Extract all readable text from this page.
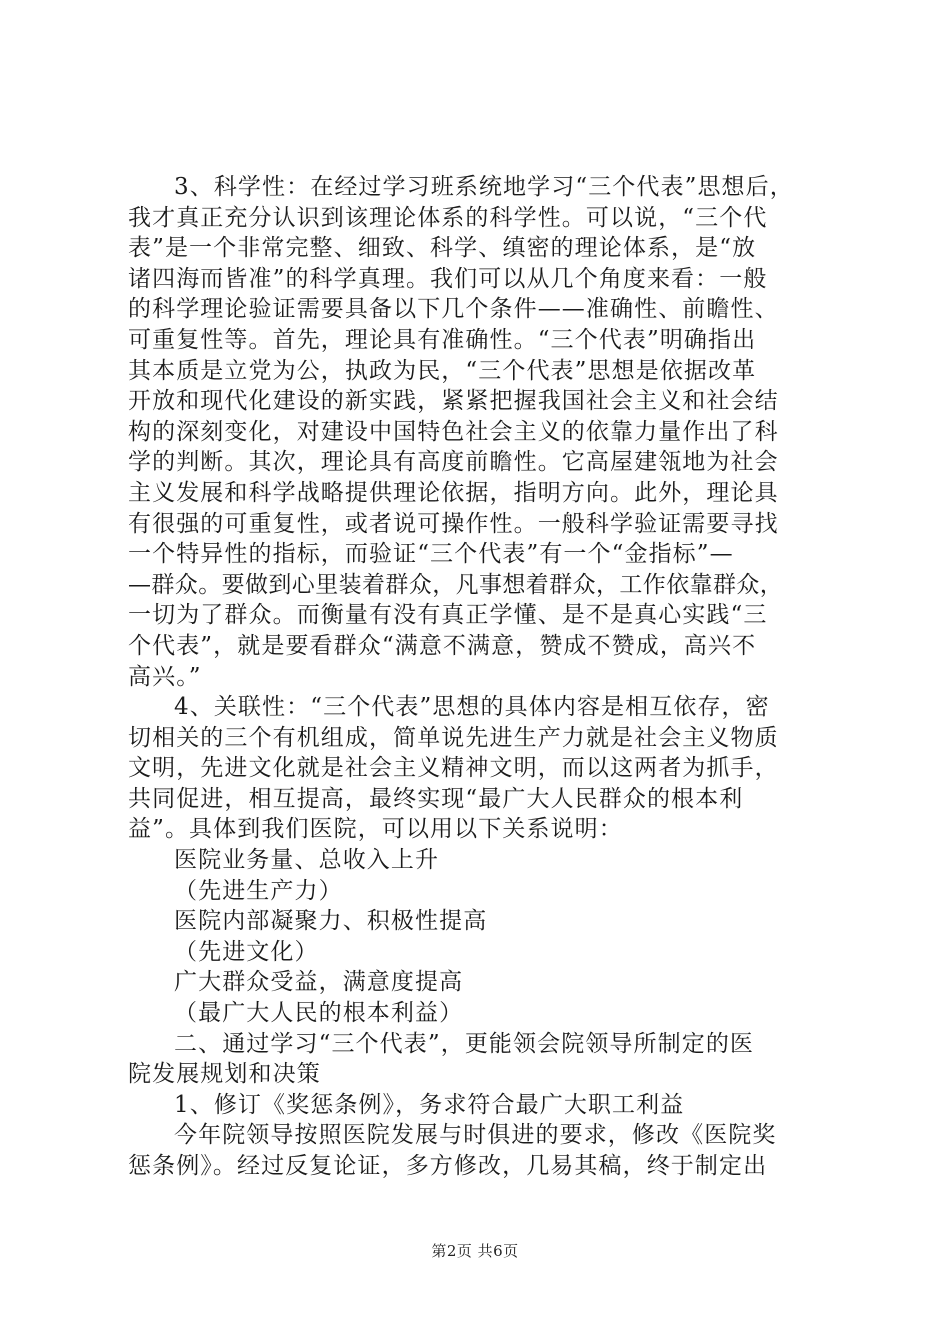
3、科学性：在经过学习班系统地学习“三个代表”思想后，
我才真正充分认识到该理论体系的科学性。可以说，“三个代
表”是一个非常完整、细致、科学、缜密的理论体系，是“放
诸四海而皆准”的科学真理。我们可以从几个角度来看：一般
的科学理论验证需要具备以下几个条件——准确性、前瞻性、
可重复性等。首先，理论具有准确性。“三个代表”明确指出
其本质是立党为公，执政为民，“三个代表”思想是依据改革
开放和现代化建设的新实践，紧紧把握我国社会主义和社会结
构的深刻变化，对建设中国特色社会主义的依靠力量作出了科
学的判断。其次，理论具有高度前瞻性。它高屋建瓴地为社会
主义发展和科学战略提供理论依据，指明方向。此外，理论具
有很强的可重复性，或者说可操作性。一般科学验证需要寻找
一个特异性的指标，而验证“三个代表”有一个“金指标”—
—群众。要做到心里装着群众，凡事想着群众，工作依靠群众，
一切为了群众。而衡量有没有真正学懂、是不是真心实践“三
个代表”，就是要看群众“满意不满意，赞成不赞成，高兴不
高兴。”
4、关联性：“三个代表”思想的具体内容是相互依存，密
切相关的三个有机组成，简单说先进生产力就是社会主义物质
文明，先进文化就是社会主义精神文明，而以这两者为抓手，
共同促进，相互提高，最终实现“最广大人民群众的根本利
益”。具体到我们医院，可以用以下关系说明：
医院业务量、总收入上升
（先进生产力）
医院内部凝聚力、积极性提高
（先进文化）
广大群众受益，满意度提高
（最广大人民的根本利益）
二、通过学习“三个代表”，更能领会院领导所制定的医
院发展规划和决策
1、修订《奖惩条例》，务求符合最广大职工利益
今年院领导按照医院发展与时俱进的要求，修改《医院奖
惩条例》。经过反复论证，多方修改，几易其稿，终于制定出
第2页 共6页
